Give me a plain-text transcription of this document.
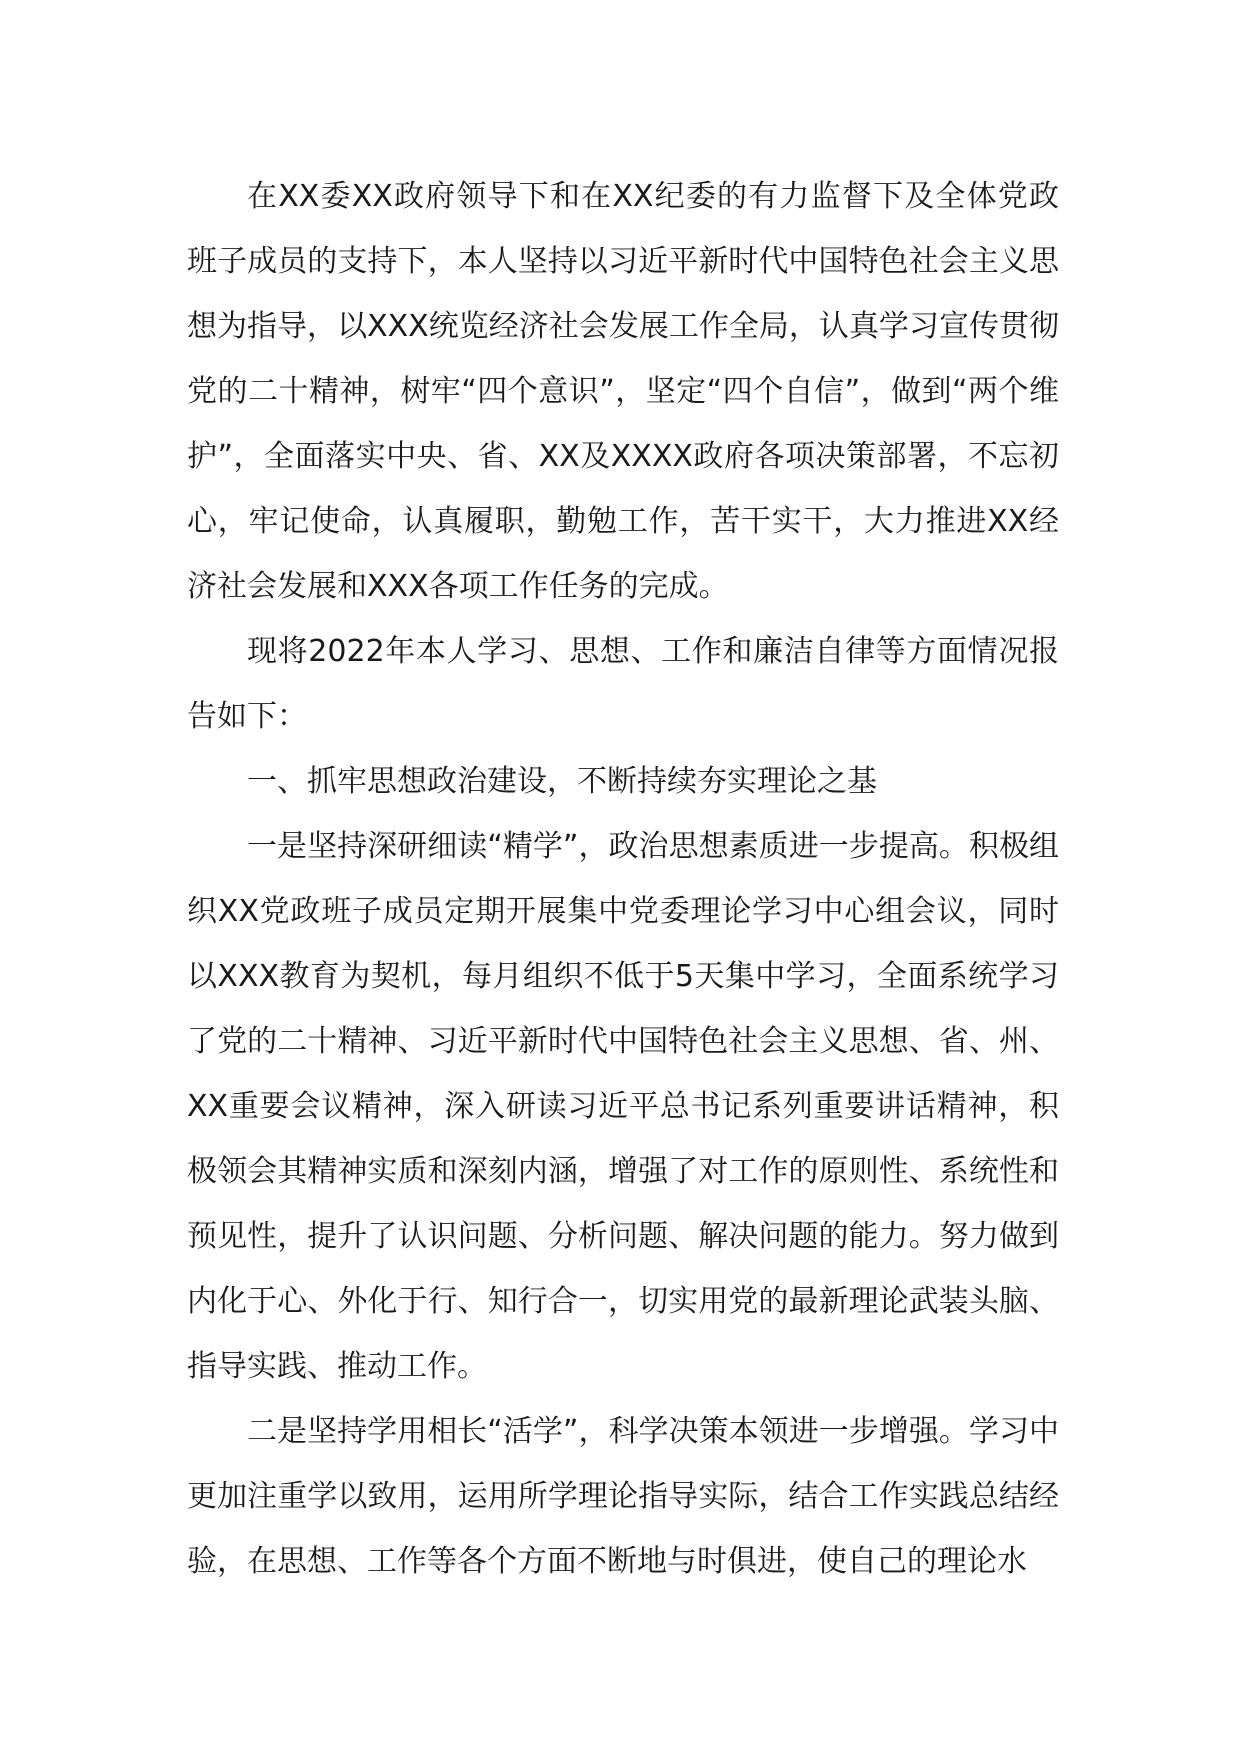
在XX委XX政府领导下和在XX纪委的有力监督下及全体党政班子成员的支持下，本人坚持以习近平新时代中国特色社会主义思想为指导，以XXX统览经济社会发展工作全局，认真学习宣传贯彻党的二十精神，树牢“四个意识”，坚定“四个自信”，做到“两个维护”，全面落实中央、省、XX及XXXX政府各项决策部署，不忘初心，牢记使命，认真履职，勤勉工作，苦干实干，大力推进XX经济社会发展和XXX各项工作任务的完成。

现将2022年本人学习、思想、工作和廉洁自律等方面情况报告如下：

一、抓牢思想政治建设，不断持续夯实理论之基

一是坚持深研细读“精学”，政治思想素质进一步提高。积极组织XX党政班子成员定期开展集中党委理论学习中心组会议，同时以XXX教育为契机，每月组织不低于5天集中学习，全面系统学习了党的二十精神、习近平新时代中国特色社会主义思想、省、州、XX重要会议精神，深入研读习近平总书记系列重要讲话精神，积极领会其精神实质和深刻内涵，增强了对工作的原则性、系统性和预见性，提升了认识问题、分析问题、解决问题的能力。努力做到内化于心、外化于行、知行合一，切实用党的最新理论武装头脑、指导实践、推动工作。

二是坚持学用相长“活学”，科学决策本领进一步增强。学习中更加注重学以致用，运用所学理论指导实际，结合工作实践总结经验，在思想、工作等各个方面不断地与时俱进，使自己的理论水
